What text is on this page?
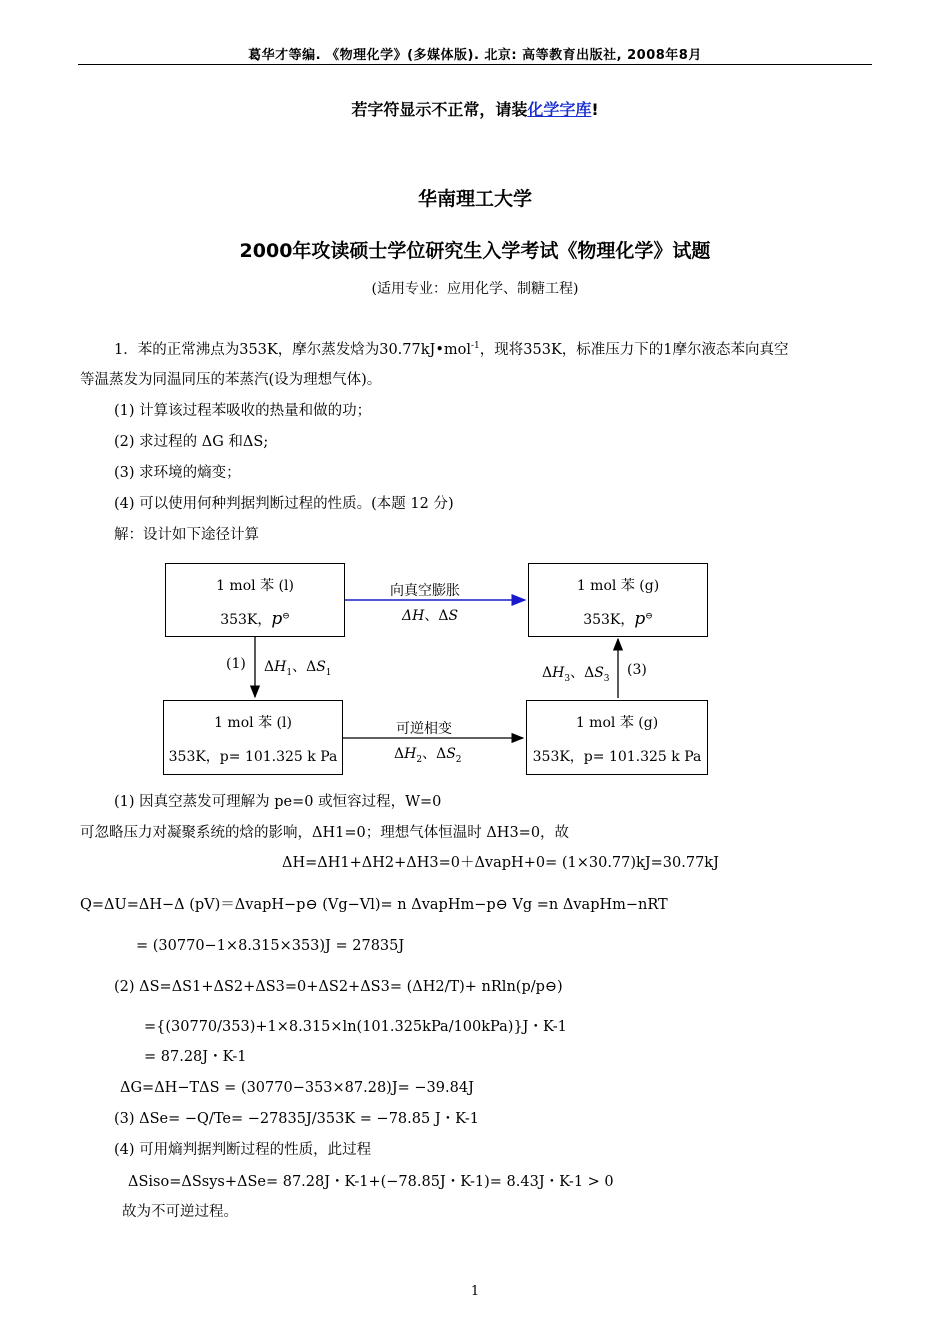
葛华才等编. 《物理化学》(多媒体版). 北京: 高等教育出版社, 2008年8月
若字符显示不正常，请装化学字库!
华南理工大学
2000年攻读硕士学位研究生入学考试《物理化学》试题
(适用专业：应用化学、制糖工程)
1．苯的正常沸点为353K，摩尔蒸发焓为30.77kJ•mol$^{-1}$，现将353K，标准压力下的1摩尔液态苯向真空
等温蒸发为同温同压的苯蒸汽(设为理想气体)。
(1) 计算该过程苯吸收的热量和做的功；
(2) 求过程的 ΔG 和ΔS;
(3) 求环境的熵变；
(4) 可以使用何种判据判断过程的性质。(本题 12 分)
解：设计如下途径计算
1 mol 苯 (l)
353K，p⊖
1 mol 苯 (g)
353K，p⊖
1 mol 苯 (l)
353K，p= 101.325 k Pa
1 mol 苯 (g)
353K，p= 101.325 k Pa
向真空膨胀
ΔH、ΔS
可逆相变
$\Delta H_2$、$\Delta S_2$
(1) $\Delta H_1$、$\Delta S_1$	$\Delta H_3$、$\Delta S_3$
(3)
(1) 因真空蒸发可理解为 pe=0 或恒容过程，W=0
可忽略压力对凝聚系统的焓的影响，ΔH1=0；理想气体恒温时 ΔH3=0，故
ΔH=ΔH1+ΔH2+ΔH3=0＋ΔvapH+0= (1×30.77)kJ=30.77kJ
Q=ΔU=ΔH−Δ (pV)＝ΔvapH−p⊖ (Vg−Vl)= n ΔvapHm−p⊖ Vg =n ΔvapHm−nRT
= (30770−1×8.315×353)J = 27835J
(2) ΔS=ΔS1+ΔS2+ΔS3=0+ΔS2+ΔS3= (ΔH2/T)+ nRln(p/p⊖)
={(30770/353)+1×8.315×ln(101.325kPa/100kPa)}J・K-1
= 87.28J・K-1
ΔG=ΔH−TΔS = (30770−353×87.28)J= −39.84J
(3) ΔSe= −Q/Te= −27835J/353K = −78.85 J・K-1
(4) 可用熵判据判断过程的性质，此过程
ΔSiso=ΔSsys+ΔSe= 87.28J・K-1+(−78.85J・K-1)= 8.43J・K-1 > 0
故为不可逆过程。
1
